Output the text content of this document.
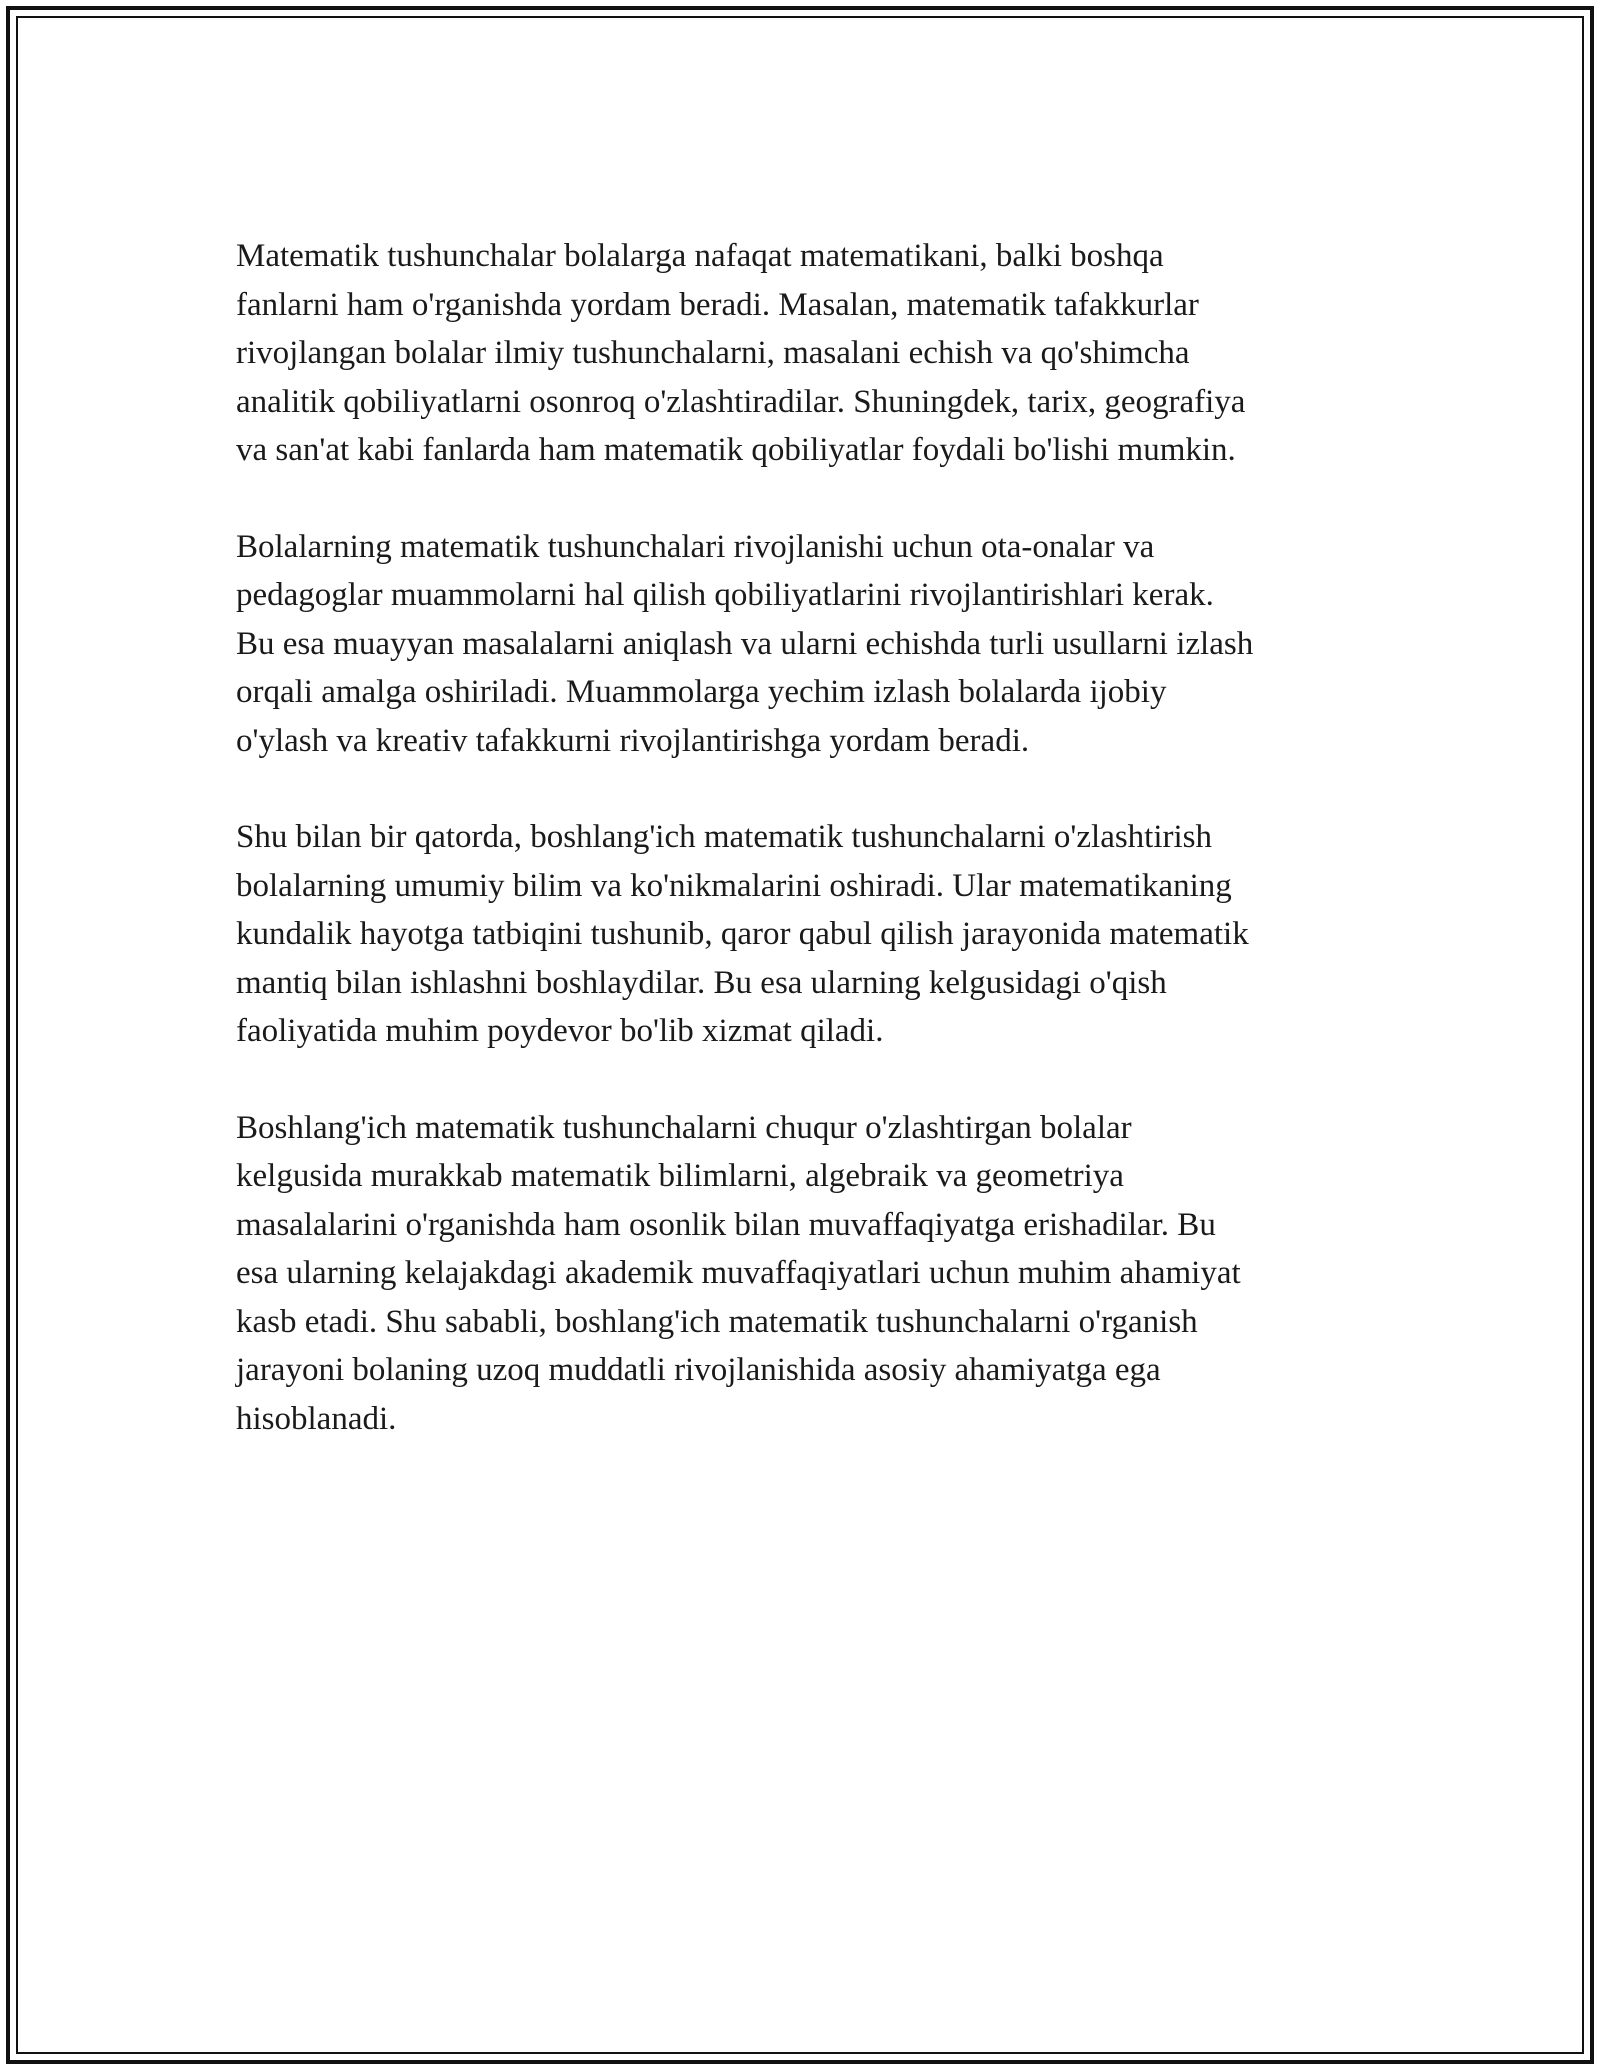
Matematik tushunchalar bolalarga nafaqat matematikani, balki boshqa
fanlarni ham o'rganishda yordam beradi. Masalan, matematik tafakkurlar
rivojlangan bolalar ilmiy tushunchalarni, masalani echish va qo'shimcha
analitik qobiliyatlarni osonroq o'zlashtiradilar. Shuningdek, tarix, geografiya
va san'at kabi fanlarda ham matematik qobiliyatlar foydali bo'lishi mumkin.

Bolalarning matematik tushunchalari rivojlanishi uchun ota-onalar va
pedagoglar muammolarni hal qilish qobiliyatlarini rivojlantirishlari kerak.
Bu esa muayyan masalalarni aniqlash va ularni echishda turli usullarni izlash
orqali amalga oshiriladi. Muammolarga yechim izlash bolalarda ijobiy
o'ylash va kreativ tafakkurni rivojlantirishga yordam beradi.

Shu bilan bir qatorda, boshlang'ich matematik tushunchalarni o'zlashtirish
bolalarning umumiy bilim va ko'nikmalarini oshiradi. Ular matematikaning
kundalik hayotga tatbiqini tushunib, qaror qabul qilish jarayonida matematik
mantiq bilan ishlashni boshlaydilar. Bu esa ularning kelgusidagi o'qish
faoliyatida muhim poydevor bo'lib xizmat qiladi.

Boshlang'ich matematik tushunchalarni chuqur o'zlashtirgan bolalar
kelgusida murakkab matematik bilimlarni, algebraik va geometriya
masalalarini o'rganishda ham osonlik bilan muvaffaqiyatga erishadilar. Bu
esa ularning kelajakdagi akademik muvaffaqiyatlari uchun muhim ahamiyat
kasb etadi. Shu sababli, boshlang'ich matematik tushunchalarni o'rganish
jarayoni bolaning uzoq muddatli rivojlanishida asosiy ahamiyatga ega
hisoblanadi.
